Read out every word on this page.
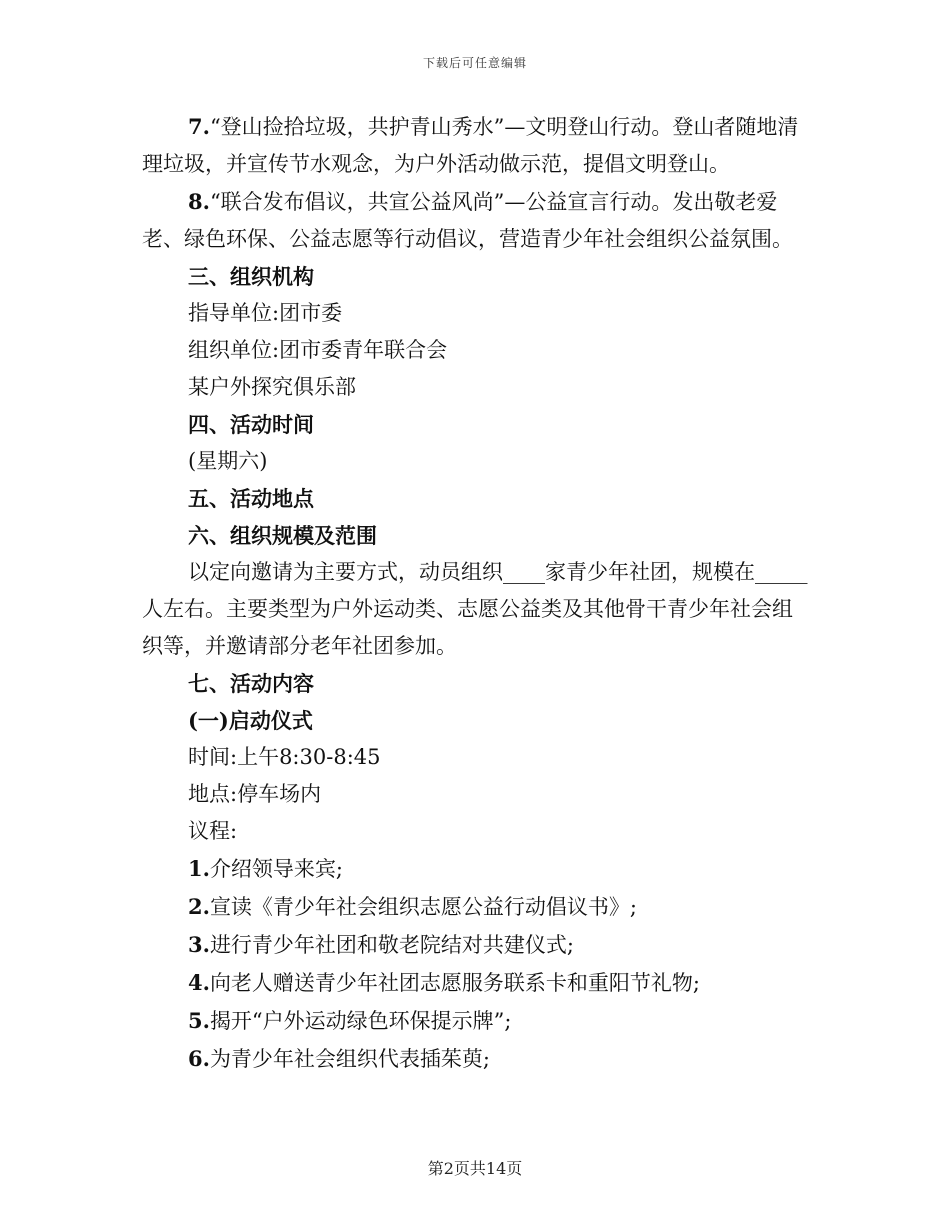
下载后可任意编辑

7.“登山捡拾垃圾，共护青山秀水”—文明登山行动。登山者随地清理垃圾，并宣传节水观念，为户外活动做示范，提倡文明登山。

8.“联合发布倡议，共宣公益风尚”—公益宣言行动。发出敬老爱老、绿色环保、公益志愿等行动倡议，营造青少年社会组织公益氛围。

三、组织机构

指导单位:团市委

组织单位:团市委青年联合会

某户外探究俱乐部

四、活动时间

(星期六)

五、活动地点

六、组织规模及范围

以定向邀请为主要方式，动员组织____家青少年社团，规模在_____人左右。主要类型为户外运动类、志愿公益类及其他骨干青少年社会组织等，并邀请部分老年社团参加。

七、活动内容

(一)启动仪式

时间:上午8:30-8:45

地点:停车场内

议程:

1.介绍领导来宾;

2.宣读《青少年社会组织志愿公益行动倡议书》;

3.进行青少年社团和敬老院结对共建仪式;

4.向老人赠送青少年社团志愿服务联系卡和重阳节礼物;

5.揭开“户外运动绿色环保提示牌”;

6.为青少年社会组织代表插茱萸;

第2页共14页
